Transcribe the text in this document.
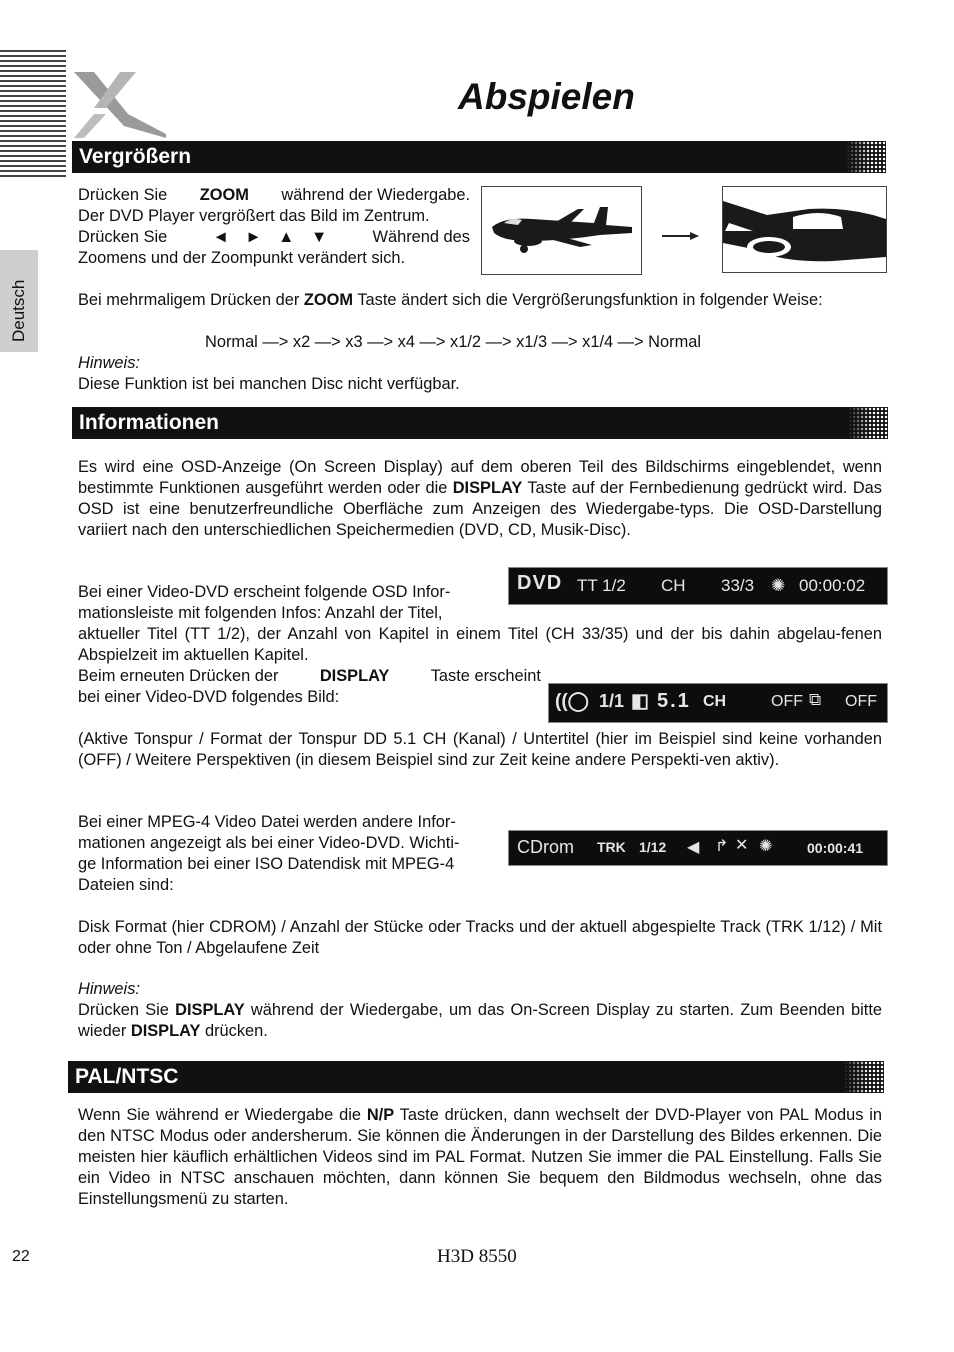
Abspielen
Deutsch
Vergrößern
Drücken Sie ZOOM während der Wiedergabe.
Der DVD Player vergrößert das Bild im Zentrum.
Drücken Sie	◄ ► ▲ ▼	Während des
Zoomens und der Zoompunkt verändert sich.
Bei mehrmaligem Drücken der ZOOM Taste ändert sich die Vergrößerungsfunktion in folgender Weise:
Normal —> x2 —> x3 —> x4 —> x1/2 —> x1/3 —> x1/4 —> Normal
Hinweis:
Diese Funktion ist bei manchen Disc nicht verfügbar.
Informationen
Es wird eine OSD-Anzeige (On Screen Display) auf dem oberen Teil des Bildschirms eingeblendet, wenn bestimmte Funktionen ausgeführt werden oder die DISPLAY Taste auf der Fernbedienung gedrückt wird. Das OSD ist eine benutzerfreundliche Oberfläche zum Anzeigen des Wiedergabe-typs. Die OSD-Darstellung variiert nach den unterschiedlichen Speichermedien (DVD, CD, Musik-Disc).
Bei einer Video-DVD erscheint folgende OSD Infor-
mationsleiste mit folgenden Infos: Anzahl der Titel,
DVD TT 1/2 CH 33/3 ✺ 00:00:02
aktueller Titel (TT 1/2), der Anzahl von Kapitel in einem Titel (CH 33/35) und der bis dahin abgelau-fenen Abspielzeit im aktuellen Kapitel.
Beim erneuten Drücken der	DISPLAY	Taste erscheint
bei einer Video-DVD folgendes Bild:	((◯ 1/1 ◧ 5.1 CH	OFF ⧉ OFF
(Aktive Tonspur / Format der Tonspur DD 5.1 CH (Kanal) / Untertitel (hier im Beispiel sind keine vorhanden (OFF) / Weitere Perspektiven (in diesem Beispiel sind zur Zeit keine andere Perspekti-ven aktiv).
Bei einer MPEG-4 Video Datei werden andere Infor-
mationen angezeigt als bei einer Video-DVD. Wichti-
ge Information bei einer ISO Datendisk mit MPEG-4
Dateien sind:
CDrom TRK 1/12 ◀ ↱ ✕ ✺ 00:00:41
Disk Format (hier CDROM) / Anzahl der Stücke oder Tracks und der aktuell abgespielte Track (TRK 1/12) / Mit oder ohne Ton / Abgelaufene Zeit
Hinweis:
Drücken Sie DISPLAY während der Wiedergabe, um das On-Screen Display zu starten. Zum Beenden bitte wieder DISPLAY drücken.
PAL/NTSC
Wenn Sie während er Wiedergabe die N/P Taste drücken, dann wechselt der DVD-Player von PAL Modus in den NTSC Modus oder andersherum. Sie können die Änderungen in der Darstellung des Bildes erkennen. Die meisten hier käuflich erhältlichen Videos sind im PAL Format. Nutzen Sie immer die PAL Einstellung. Falls Sie ein Video in NTSC anschauen möchten, dann können Sie bequem den Bildmodus wechseln, ohne das Einstellungsmenü zu starten.
22	H3D 8550
